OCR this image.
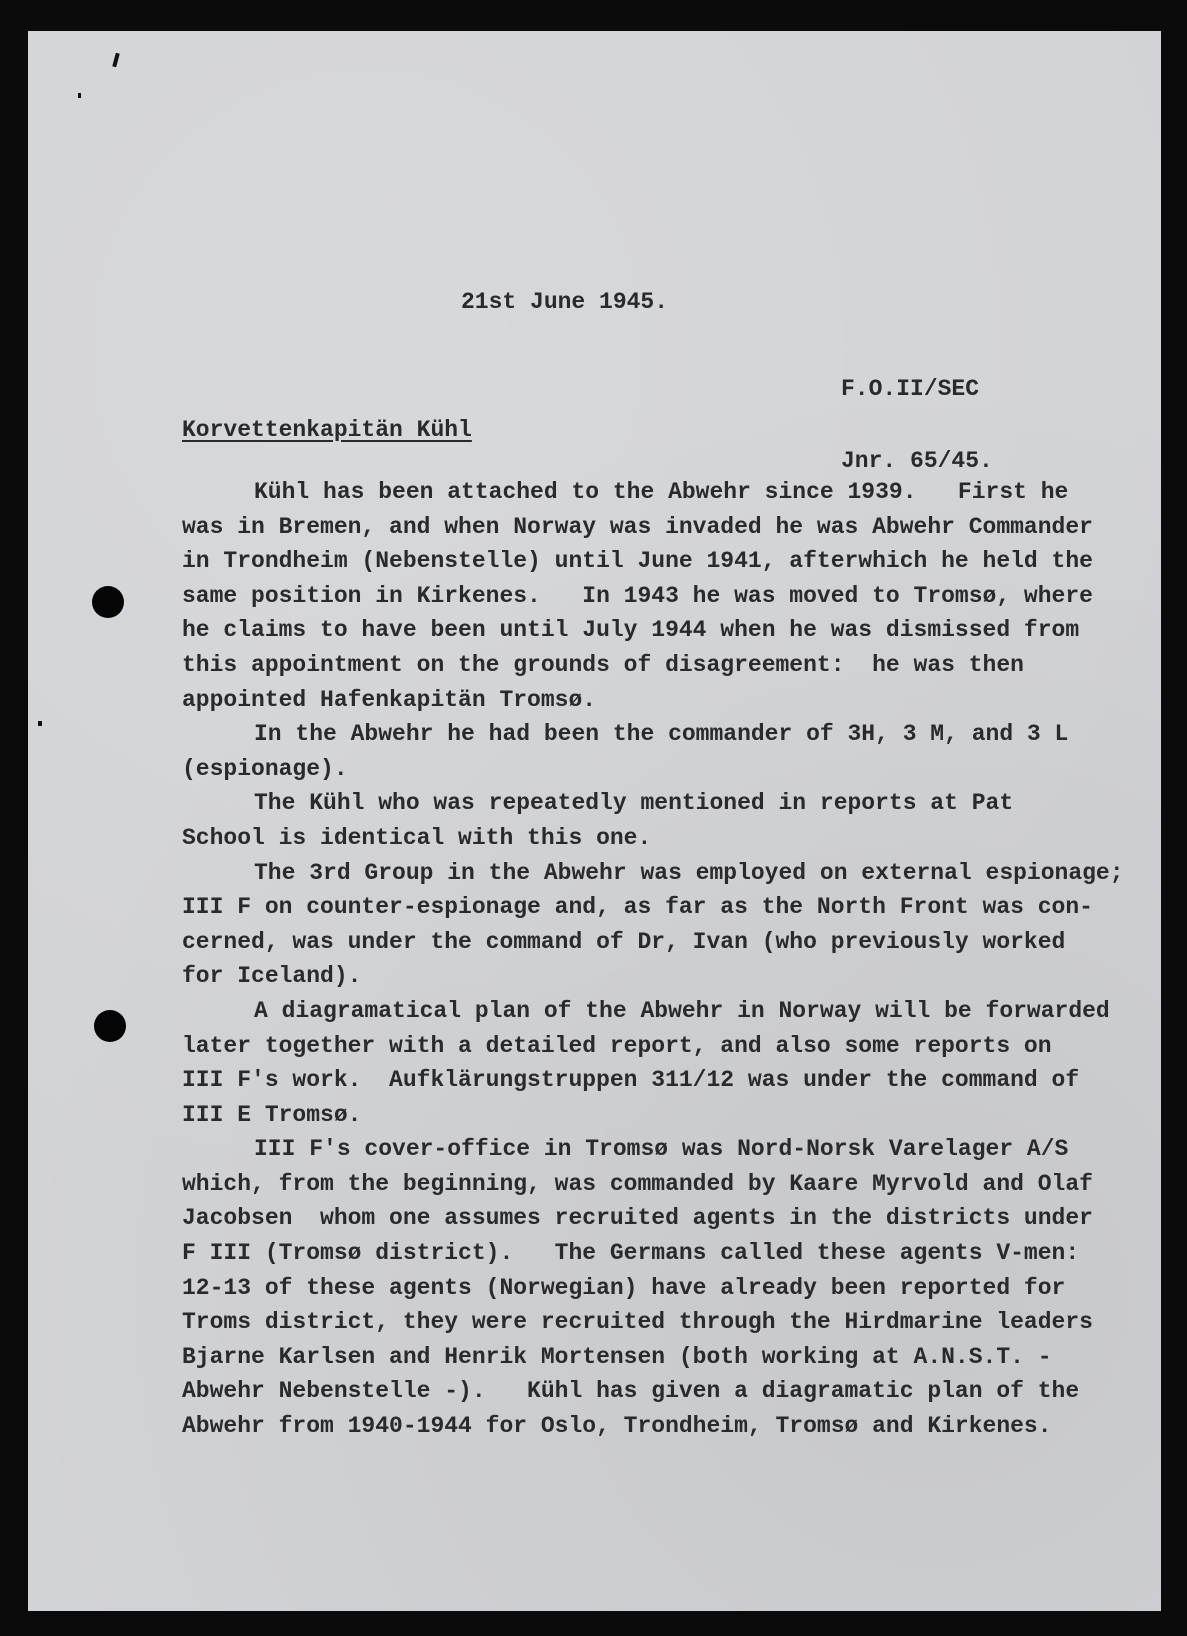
21st June 1945.

F.O.II/SEC

Jnr. 65/45.

Korvettenkapitän Kühl
Kühl has been attached to the Abwehr since 1939.   First he
was in Bremen, and when Norway was invaded he was Abwehr Commander
in Trondheim (Nebenstelle) until June 1941, afterwhich he held the
same position in Kirkenes.   In 1943 he was moved to Tromsø, where
he claims to have been until July 1944 when he was dismissed from
this appointment on the grounds of disagreement:  he was then
appointed Hafenkapitän Tromsø.
In the Abwehr he had been the commander of 3H, 3 M, and 3 L
(espionage).
The Kühl who was repeatedly mentioned in reports at Pat
School is identical with this one.
The 3rd Group in the Abwehr was employed on external espionage;
III F on counter-espionage and, as far as the North Front was con-
cerned, was under the command of Dr, Ivan (who previously worked
for Iceland).
A diagramatical plan of the Abwehr in Norway will be forwarded
later together with a detailed report, and also some reports on
III F's work.  Aufklärungstruppen 311/12 was under the command of
III E Tromsø.
III F's cover-office in Tromsø was Nord-Norsk Varelager A/S
which, from the beginning, was commanded by Kaare Myrvold and Olaf
Jacobsen  whom one assumes recruited agents in the districts under
F III (Tromsø district).   The Germans called these agents V-men:
12-13 of these agents (Norwegian) have already been reported for
Troms district, they were recruited through the Hirdmarine leaders
Bjarne Karlsen and Henrik Mortensen (both working at A.N.S.T. -
Abwehr Nebenstelle -).   Kühl has given a diagramatic plan of the
Abwehr from 1940-1944 for Oslo, Trondheim, Tromsø and Kirkenes.
